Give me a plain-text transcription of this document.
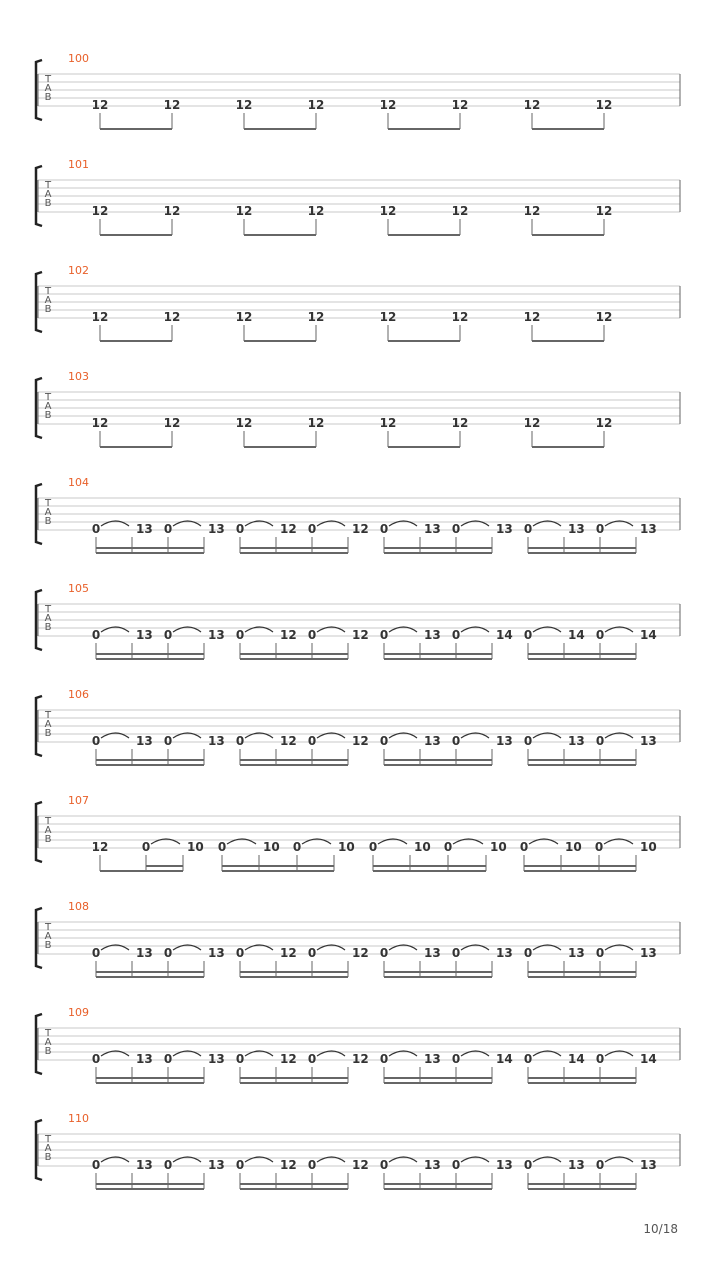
100
T
A
B
12	12	12	12	12	12	12	12
101
T
A
B
12	12	12	12	12	12	12	12
102
T
A
B
12	12	12	12	12	12	12	12
103
T
A
B
12	12	12	12	12	12	12	12
104
T
A
B
0	13 0	13 0	12 0	12 0	13 0	13 0	13 0	13
105
T
A
B
0	13 0	13 0	12 0	12 0	13 0	14 0	14 0	14
106
T
A
B
0	13 0	13 0	12 0	12 0	13 0	13 0	13 0	13
107
T
A
B
12	0	10 0	10 0	10 0	10 0	10 0	10 0	10
108
T
A
B
0	13 0	13 0	12 0	12 0	13 0	13 0	13 0	13
109
T
A
B
0	13 0	13 0	12 0	12 0	13 0	14 0	14 0	14
110
T
A
B
0	13 0	13 0	12 0	12 0	13 0	13 0	13 0	13
10/18
